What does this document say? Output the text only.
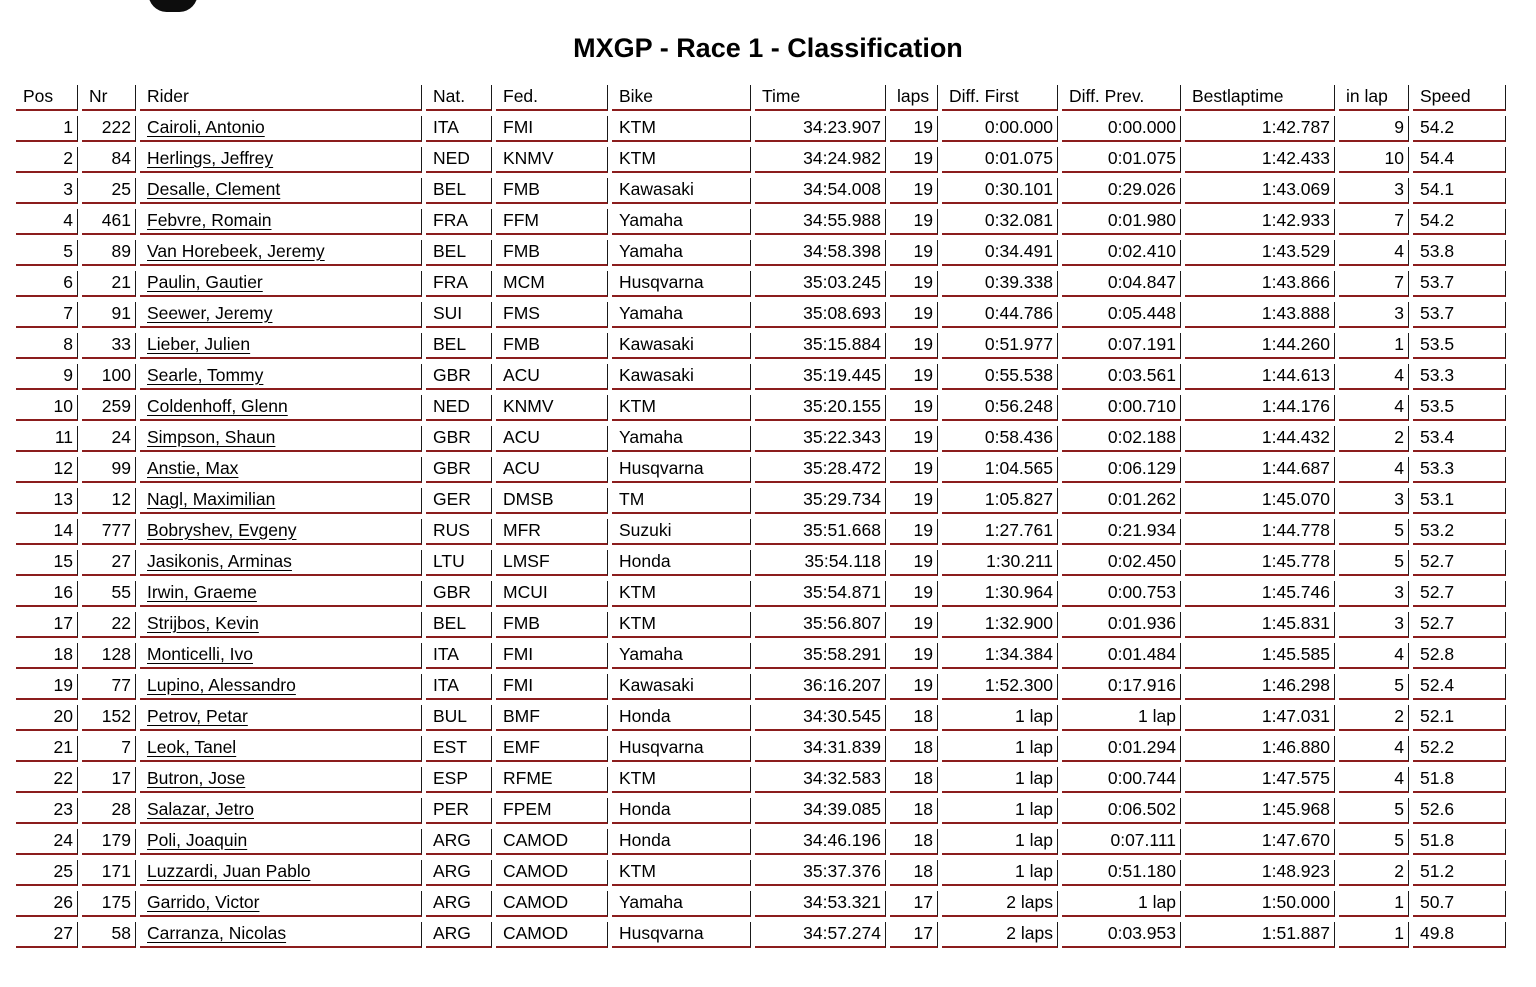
MXGP - Race 1 - Classification
Pos	Nr	Rider	Nat.	Fed.	Bike	Time	laps	Diff. First	Diff. Prev.	Bestlaptime	in lap	Speed
1	222	Cairoli, Antonio	ITA	FMI	KTM	34:23.907	19	0:00.000	0:00.000	1:42.787	9	54.2
2	84	Herlings, Jeffrey	NED	KNMV	KTM	34:24.982	19	0:01.075	0:01.075	1:42.433	10	54.4
3	25	Desalle, Clement	BEL	FMB	Kawasaki	34:54.008	19	0:30.101	0:29.026	1:43.069	3	54.1
4	461	Febvre, Romain	FRA	FFM	Yamaha	34:55.988	19	0:32.081	0:01.980	1:42.933	7	54.2
5	89	Van Horebeek, Jeremy	BEL	FMB	Yamaha	34:58.398	19	0:34.491	0:02.410	1:43.529	4	53.8
6	21	Paulin, Gautier	FRA	MCM	Husqvarna	35:03.245	19	0:39.338	0:04.847	1:43.866	7	53.7
7	91	Seewer, Jeremy	SUI	FMS	Yamaha	35:08.693	19	0:44.786	0:05.448	1:43.888	3	53.7
8	33	Lieber, Julien	BEL	FMB	Kawasaki	35:15.884	19	0:51.977	0:07.191	1:44.260	1	53.5
9	100	Searle, Tommy	GBR	ACU	Kawasaki	35:19.445	19	0:55.538	0:03.561	1:44.613	4	53.3
10	259	Coldenhoff, Glenn	NED	KNMV	KTM	35:20.155	19	0:56.248	0:00.710	1:44.176	4	53.5
11	24	Simpson, Shaun	GBR	ACU	Yamaha	35:22.343	19	0:58.436	0:02.188	1:44.432	2	53.4
12	99	Anstie, Max	GBR	ACU	Husqvarna	35:28.472	19	1:04.565	0:06.129	1:44.687	4	53.3
13	12	Nagl, Maximilian	GER	DMSB	TM	35:29.734	19	1:05.827	0:01.262	1:45.070	3	53.1
14	777	Bobryshev, Evgeny	RUS	MFR	Suzuki	35:51.668	19	1:27.761	0:21.934	1:44.778	5	53.2
15	27	Jasikonis, Arminas	LTU	LMSF	Honda	35:54.118	19	1:30.211	0:02.450	1:45.778	5	52.7
16	55	Irwin, Graeme	GBR	MCUI	KTM	35:54.871	19	1:30.964	0:00.753	1:45.746	3	52.7
17	22	Strijbos, Kevin	BEL	FMB	KTM	35:56.807	19	1:32.900	0:01.936	1:45.831	3	52.7
18	128	Monticelli, Ivo	ITA	FMI	Yamaha	35:58.291	19	1:34.384	0:01.484	1:45.585	4	52.8
19	77	Lupino, Alessandro	ITA	FMI	Kawasaki	36:16.207	19	1:52.300	0:17.916	1:46.298	5	52.4
20	152	Petrov, Petar	BUL	BMF	Honda	34:30.545	18	1 lap	1 lap	1:47.031	2	52.1
21	7	Leok, Tanel	EST	EMF	Husqvarna	34:31.839	18	1 lap	0:01.294	1:46.880	4	52.2
22	17	Butron, Jose	ESP	RFME	KTM	34:32.583	18	1 lap	0:00.744	1:47.575	4	51.8
23	28	Salazar, Jetro	PER	FPEM	Honda	34:39.085	18	1 lap	0:06.502	1:45.968	5	52.6
24	179	Poli, Joaquin	ARG	CAMOD	Honda	34:46.196	18	1 lap	0:07.111	1:47.670	5	51.8
25	171	Luzzardi, Juan Pablo	ARG	CAMOD	KTM	35:37.376	18	1 lap	0:51.180	1:48.923	2	51.2
26	175	Garrido, Victor	ARG	CAMOD	Yamaha	34:53.321	17	2 laps	1 lap	1:50.000	1	50.7
27	58	Carranza, Nicolas	ARG	CAMOD	Husqvarna	34:57.274	17	2 laps	0:03.953	1:51.887	1	49.8
